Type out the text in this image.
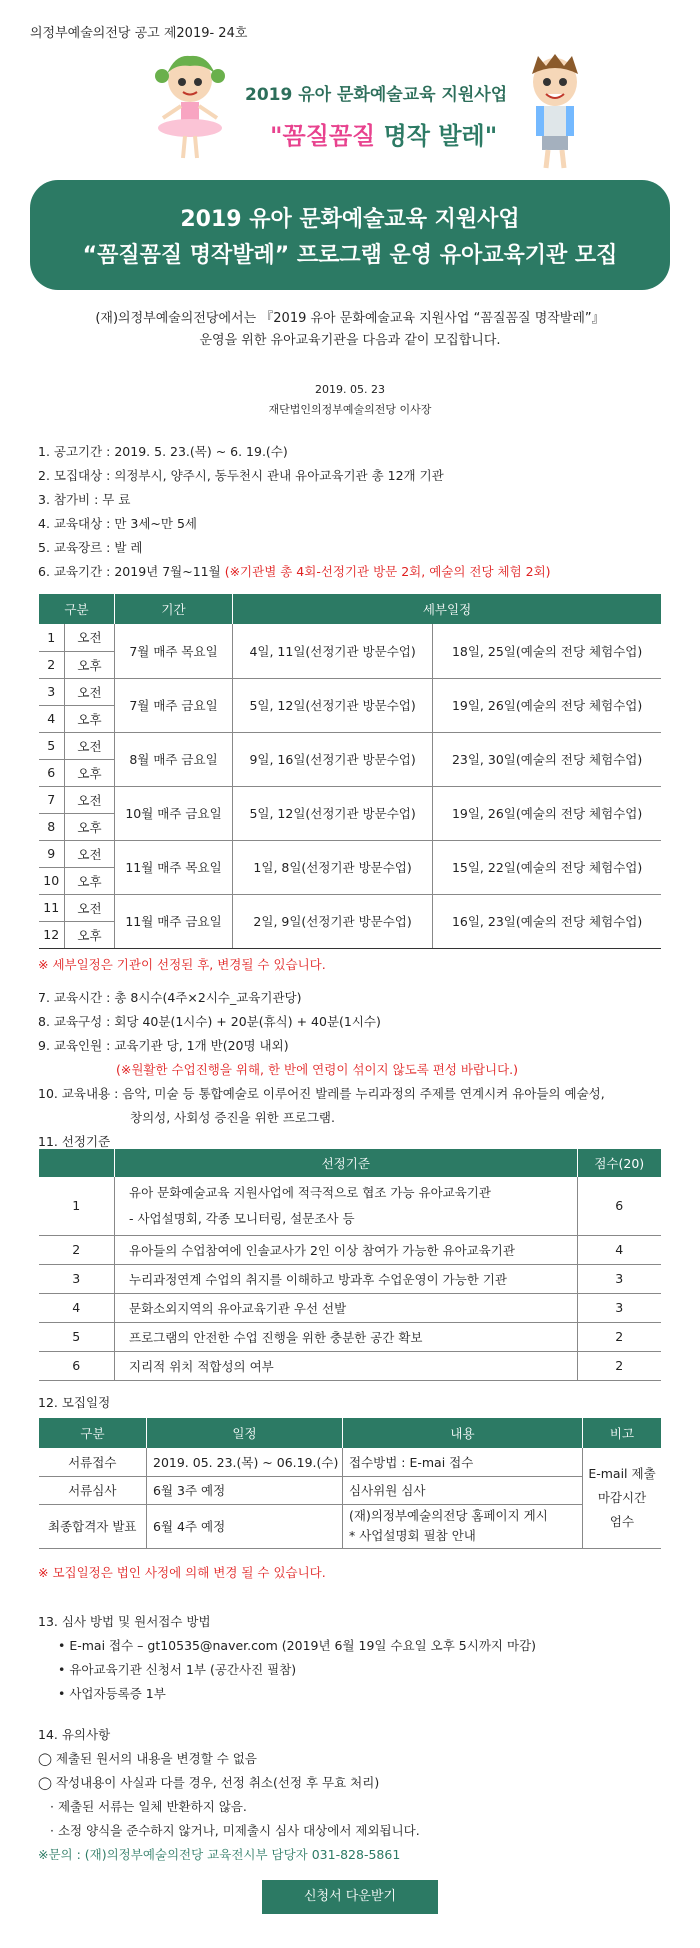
의정부예술의전당 공고 제2019- 24호
2019 유아 문화예술교육 지원사업
"꼼질꼼질 명작 발레"
2019 유아 문화예술교육 지원사업
“꼼질꼼질 명작발레” 프로그램 운영 유아교육기관 모집
(재)의정부예술의전당에서는 『2019 유아 문화예술교육 지원사업 “꼼질꼼질 명작발레”』
운영을 위한 유아교육기관을 다음과 같이 모집합니다.
2019. 05. 23
재단법인의정부예술의전당 이사장
1. 공고기간 : 2019. 5. 23.(목) ~ 6. 19.(수)
2. 모집대상 : 의정부시, 양주시, 동두천시 관내 유아교육기관 총 12개 기관
3. 참가비 : 무 료
4. 교육대상 : 만 3세~만 5세
5. 교육장르 : 발 레
6. 교육기간 : 2019년 7월~11월 (※기관별 총 4회-선정기관 방문 2회, 예술의 전당 체험 2회)
구분		기간	세부일정	
1	오전	7월 매주 목요일	4일, 11일(선정기관 방문수업)	18일, 25일(예술의 전당 체험수업)
2	오후			
3	오전	7월 매주 금요일	5일, 12일(선정기관 방문수업)	19일, 26일(예술의 전당 체험수업)
4	오후			
5	오전	8월 매주 금요일	9일, 16일(선정기관 방문수업)	23일, 30일(예술의 전당 체험수업)
6	오후			
7	오전	10월 매주 금요일	5일, 12일(선정기관 방문수업)	19일, 26일(예술의 전당 체험수업)
8	오후			
9	오전	11월 매주 목요일	1일, 8일(선정기관 방문수업)	15일, 22일(예술의 전당 체험수업)
10	오후			
11	오전	11월 매주 금요일	2일, 9일(선정기관 방문수업)	16일, 23일(예술의 전당 체험수업)
12	오후			
※ 세부일정은 기관이 선정된 후, 변경될 수 있습니다.
7. 교육시간 : 총 8시수(4주×2시수_교육기관당)
8. 교육구성 : 회당 40분(1시수) + 20분(휴식) + 40분(1시수)
9. 교육인원 : 교육기관 당, 1개 반(20명 내외)
(※원활한 수업진행을 위해, 한 반에 연령이 섞이지 않도록 편성 바랍니다.)
10. 교육내용 : 음악, 미술 등 통합예술로 이루어진 발레를 누리과정의 주제를 연계시켜 유아들의 예술성,
창의성, 사회성 증진을 위한 프로그램.
11. 선정기준
	선정기준	점수(20)
1	유아 문화예술교육 지원사업에 적극적으로 협조 가능 유아교육기관
- 사업설명회, 각종 모니터링, 설문조사 등	6
2	유아들의 수업참여에 인솔교사가 2인 이상 참여가 가능한 유아교육기관	4
3	누리과정연계 수업의 취지를 이해하고 방과후 수업운영이 가능한 기관	3
4	문화소외지역의 유아교육기관 우선 선발	3
5	프로그램의 안전한 수업 진행을 위한 충분한 공간 확보	2
6	지리적 위치 적합성의 여부	2
12. 모집일정
구분	일정	내용	비고
서류접수	2019. 05. 23.(목) ~ 06.19.(수)	접수방법 : E-mai 접수	E-mail 제출
마감시간
엄수

서류심사	6월 3주 예정	심사위원 심사	

최종합격자 발표	6월 4주 예정	(재)의정부예술의전당 홈페이지 게시
* 사업설명회 필참 안내	
※ 모집일정은 법인 사정에 의해 변경 될 수 있습니다.
13. 심사 방법 및 원서접수 방법
• E-mai 접수 – gt10535@naver.com (2019년 6월 19일 수요일 오후 5시까지 마감)
• 유아교육기관 신청서 1부 (공간사진 필참)
• 사업자등록증 1부
14. 유의사항
◯ 제출된 원서의 내용을 변경할 수 없음
◯ 작성내용이 사실과 다를 경우, 선정 취소(선정 후 무효 처리)
· 제출된 서류는 일체 반환하지 않음.
· 소정 양식을 준수하지 않거나, 미제출시 심사 대상에서 제외됩니다.
※문의 : (재)의정부예술의전당 교육전시부 담당자 031-828-5861
신청서 다운받기
